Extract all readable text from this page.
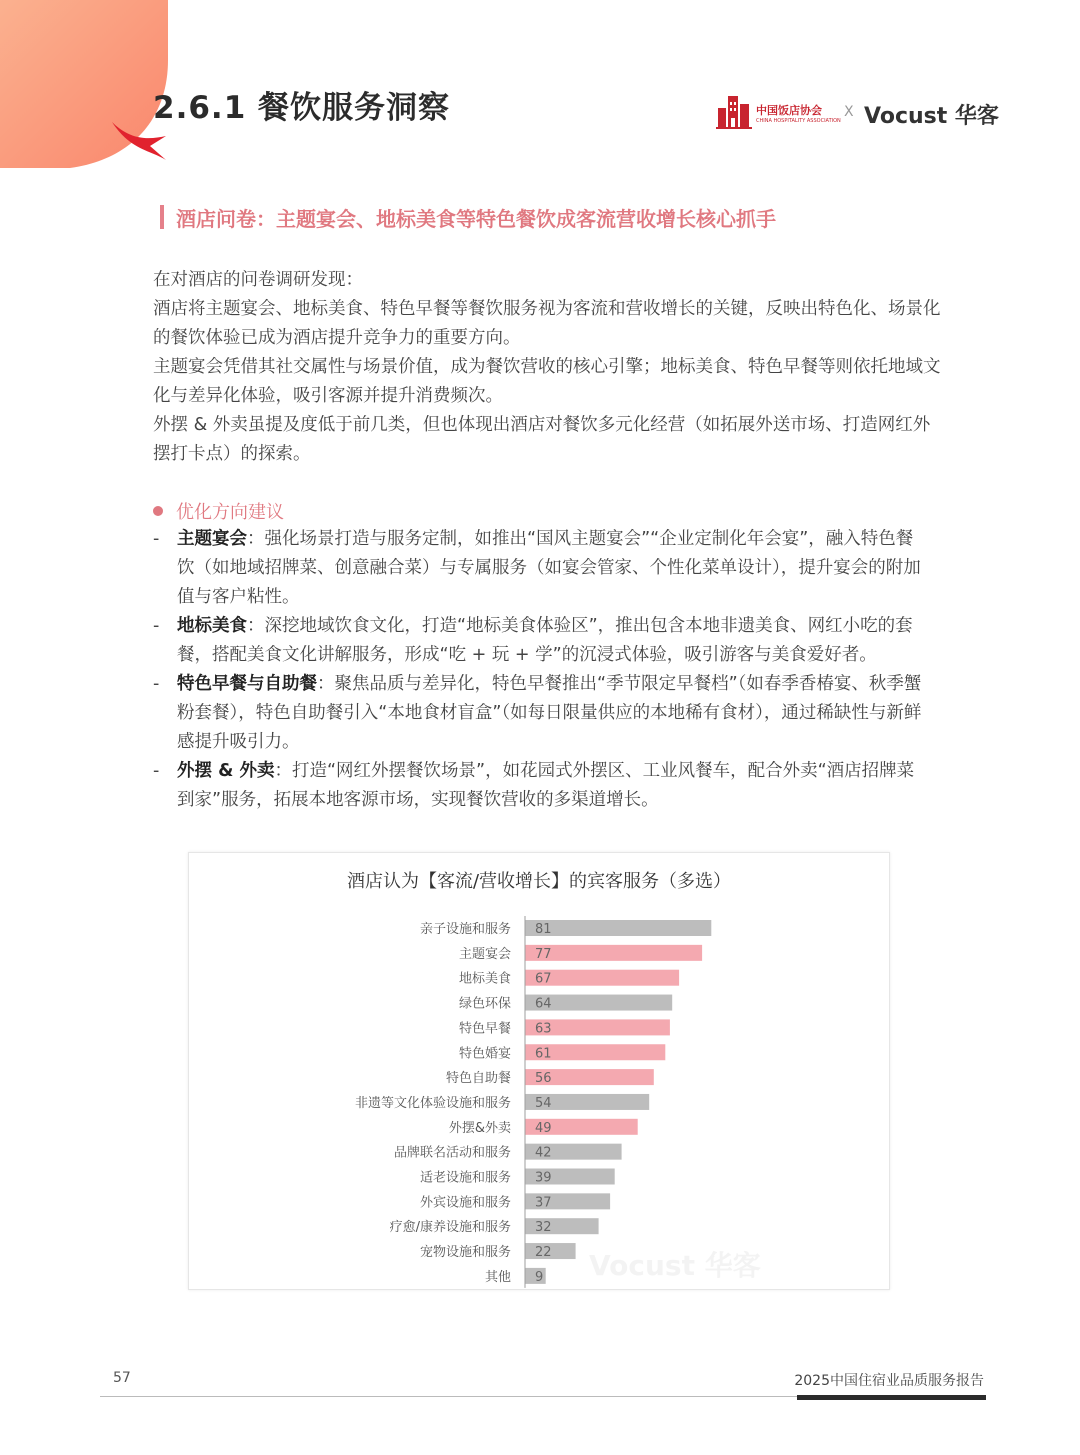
2.6.1 餐饮服务洞察	中国饭店协会
CHINA HOSPITALITY ASSOCIATION
X Vocust 华客
酒店问卷：主题宴会、地标美食等特色餐饮成客流营收增长核心抓手

在对酒店的问卷调研发现：

酒店将主题宴会、地标美食、特色早餐等餐饮服务视为客流和营收增长的关键，反映出特色化、场景化的餐饮体验已成为酒店提升竞争力的重要方向。

主题宴会凭借其社交属性与场景价值，成为餐饮营收的核心引擎；地标美食、特色早餐等则依托地域文化与差异化体验，吸引客源并提升消费频次。

外摆 & 外卖虽提及度低于前几类，但也体现出酒店对餐饮多元化经营（如拓展外送市场、打造网红外摆打卡点）的探索。

优化方向建议
- 主题宴会：强化场景打造与服务定制，如推出“国风主题宴会”“企业定制化年会宴”，融入特色餐饮（如地域招牌菜、创意融合菜）与专属服务（如宴会管家、个性化菜单设计），提升宴会的附加值与客户粘性。
- 地标美食：深挖地域饮食文化，打造“地标美食体验区”，推出包含本地非遗美食、网红小吃的套餐，搭配美食文化讲解服务，形成“吃 + 玩 + 学”的沉浸式体验，吸引游客与美食爱好者。
- 特色早餐与自助餐：聚焦品质与差异化，特色早餐推出“季节限定早餐档”（如春季香椿宴、秋季蟹粉套餐），特色自助餐引入“本地食材盲盒”（如每日限量供应的本地稀有食材），通过稀缺性与新鲜感提升吸引力。
- 外摆 & 外卖：打造“网红外摆餐饮场景”，如花园式外摆区、工业风餐车，配合外卖“酒店招牌菜到家”服务，拓展本地客源市场，实现餐饮营收的多渠道增长。
酒店认为【客流/营收增长】的宾客服务（多选）
Vocust 华客
81
亲子设施和服务
77
主题宴会
67
地标美食
64
绿色环保
63
特色早餐
61
特色婚宴
56
特色自助餐
54
非遗等文化体验设施和服务
49
外摆&外卖
42
品牌联名活动和服务
39
适老设施和服务
37
外宾设施和服务
32
疗愈/康养设施和服务
22
宠物设施和服务
9
其他
57	2025中国住宿业品质服务报告
